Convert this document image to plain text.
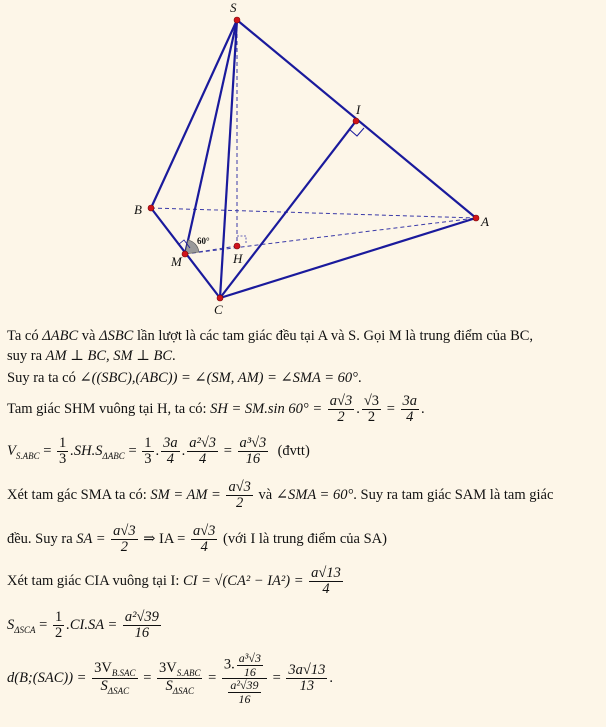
60°
S
I
B
A
M	H
C
Ta có ΔABC và ΔSBC lần lượt là các tam giác đều tại A và S. Gọi M là trung điểm của BC,
suy ra AM ⊥ BC, SM ⊥ BC.
Suy ra ta có ∠((SBC),(ABC)) = ∠(SM, AM) = ∠SMA = 60°.
Tam giác SHM vuông tại H, ta có: SH = SM.sin $60^\circ = \frac{a√3}{2}$ . $\frac{√3}{2} = \frac{3a}{4}$ .
$V_{S.ABC} = \frac{1}{3} .SH.S_{\Delta ABC} = \frac{1}{3}$ . $\frac{3a}{4}$ . $\frac{\text{a²√3}}{4} = \frac{\text{a³√3}}{16}$ (đvtt)
Xét tam gác SMA ta có: SM = AM = $\frac{a√3}{2}$ và ∠SMA = 60°. Suy ra tam giác SAM là tam giác
đều. Suy ra SA = $\frac{a√3}{2}$ ⇒ IA = $\frac{a√3}{4}$ (với I là trung điểm của SA)
Xét tam giác CIA vuông tại I: CI = $√(CA^2 - IA^2) = \frac{a√13}{4}$
$S_{\Delta SCA} = \frac{1}{2} .CI.SA = \frac{\text{a²√39}}{16}$
d(B;(SAC)) = $\frac{3V_{B.SAC}}{S_{\Delta SAC}} = \frac{3V_{S.ABC}}{S_{\Delta SAC}} = \frac{3. \frac{\text{a³√3}}{16}}{\frac{\text{a²√39}}{16}} = \frac{3a√13}{13}$ .
